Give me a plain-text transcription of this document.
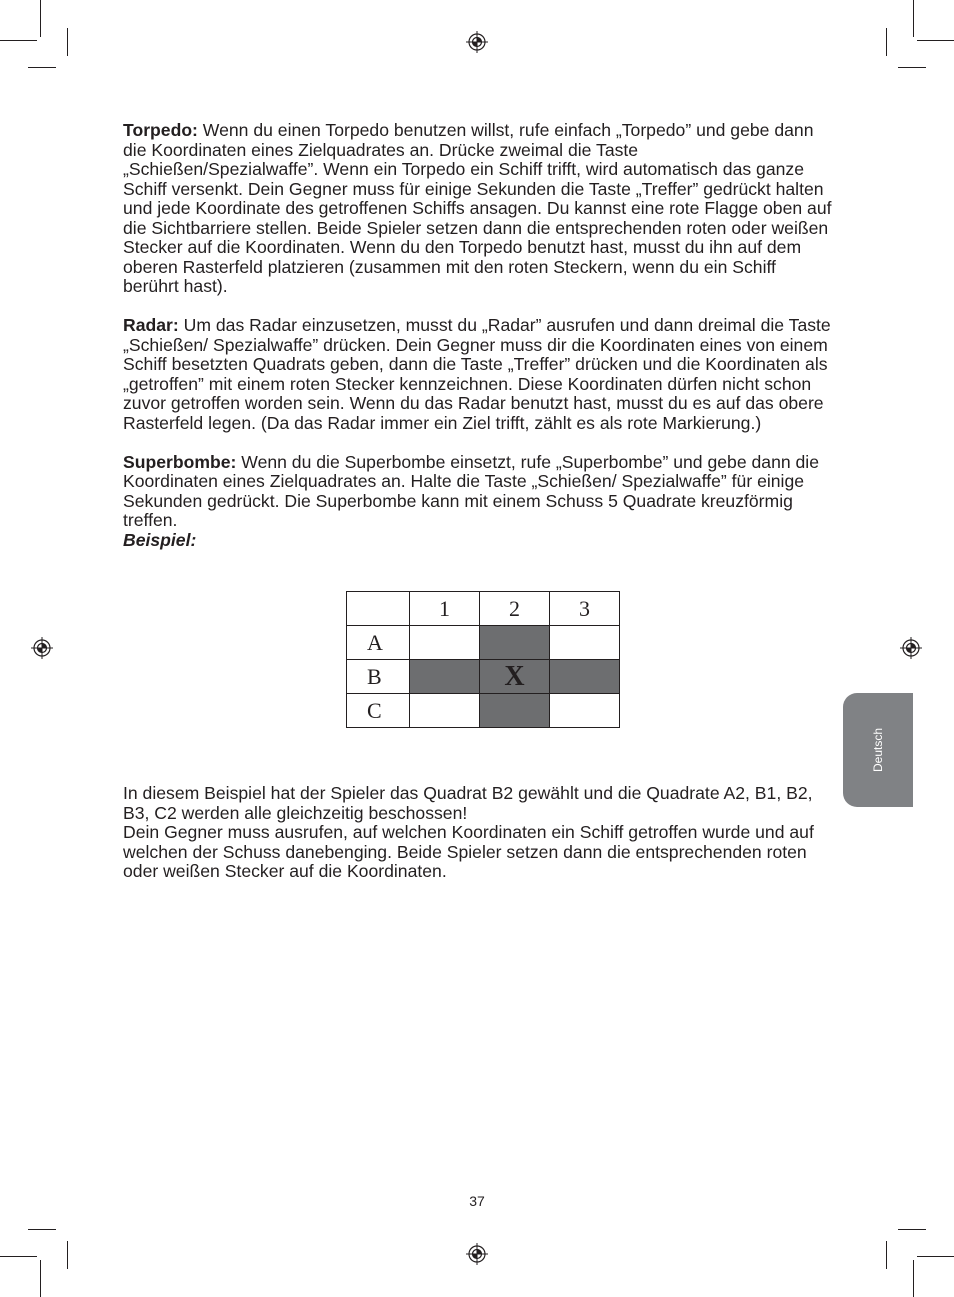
Torpedo: Wenn du einen Torpedo benutzen willst, rufe einfach „Torpedo” und gebe dann die Koordinaten eines Zielquadrates an. Drücke zweimal die Taste „Schießen/Spezialwaffe”. Wenn ein Torpedo ein Schiff trifft, wird automatisch das ganze Schiff versenkt. Dein Gegner muss für einige Sekunden die Taste „Treffer” gedrückt halten und jede Koordinate des getroffenen Schiffs ansagen. Du kannst eine rote Flagge oben auf die Sichtbarriere stellen. Beide Spieler setzen dann die entsprechenden roten oder weißen Stecker auf die Koordinaten. Wenn du den Torpedo benutzt hast, musst du ihn auf dem oberen Rasterfeld platzieren (zusammen mit den roten Steckern, wenn du ein Schiff berührt hast).

Radar: Um das Radar einzusetzen, musst du „Radar” ausrufen und dann dreimal die Taste „Schießen/ Spezialwaffe” drücken. Dein Gegner muss dir die Koordinaten eines von einem Schiff besetzten Quadrats geben, dann die Taste „Treffer” drücken und die Koordinaten als „getroffen” mit einem roten Stecker kennzeichnen. Diese Koordinaten dürfen nicht schon zuvor getroffen worden sein. Wenn du das Radar benutzt hast, musst du es auf das obere Rasterfeld legen. (Da das Radar immer ein Ziel trifft, zählt es als rote Markierung.)

Superbombe: Wenn du die Superbombe einsetzt, rufe „Superbombe” und gebe dann die Koordinaten eines Zielquadrates an. Halte die Taste „Schießen/ Spezialwaffe” für einige Sekunden gedrückt. Die Superbombe kann mit einem Schuss 5 Quadrate kreuzförmig treffen.

Beispiel:

	1	2	3
A			
B		X	
C			

In diesem Beispiel hat der Spieler das Quadrat B2 gewählt und die Quadrate A2, B1, B2, B3, C2 werden alle gleichzeitig beschossen!

Dein Gegner muss ausrufen, auf welchen Koordinaten ein Schiff getroffen wurde und auf welchen der Schuss danebenging. Beide Spieler setzen dann die entsprechenden roten oder weißen Stecker auf die Koordinaten.

Deutsch
37
